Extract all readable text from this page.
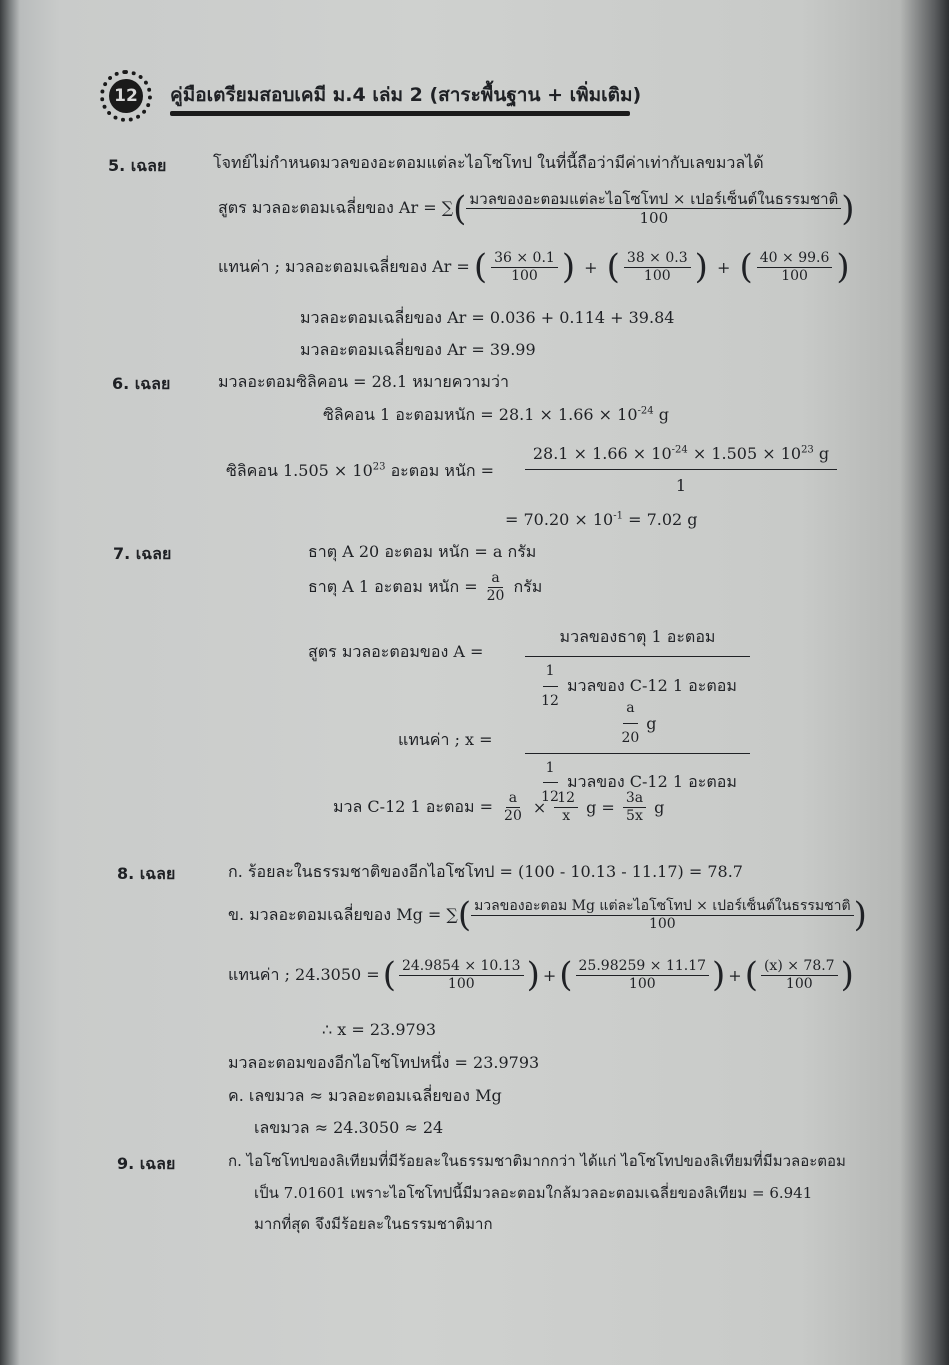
12 คู่มือเตรียมสอบเคมี ม.4 เล่ม 2 (สาระพื้นฐาน + เพิ่มเติม)
5. เฉลย	โจทย์ไม่กำหนดมวลของอะตอมแต่ละไอโซโทป ในที่นี้ถือว่ามีค่าเท่ากับเลขมวลได้
สูตร มวลอะตอมเฉลี่ยของ Ar = ∑ ( $\frac{\text{มวลของอะตอมแต่ละไอโซโทป × เปอร์เซ็นต์ในธรรมชาติ}}{100}$ )
แทนค่า ; มวลอะตอมเฉลี่ยของ Ar = ( $\frac{36 \times 0.1}{100}$ ) + ( $\frac{38 \times 0.3}{100}$ ) + ( $\frac{40 \times 99.6}{100}$ )
มวลอะตอมเฉลี่ยของ Ar = 0.036 + 0.114 + 39.84
มวลอะตอมเฉลี่ยของ Ar = 39.99
6. เฉลย	มวลอะตอมซิลิคอน = 28.1 หมายความว่า
ซิลิคอน 1 อะตอมหนัก = $28.1 \times 1.66 \times 10^{-24}$ g
ซิลิคอน $1.505 \times 10^{23}$ อะตอม หนัก = $\frac{28.1 \times 1.66 \times 10^{-24} \times 1.505 \times 10^{23} g}{1}$
= $70.20 \times 10^{-1} = 7.02$ g
7. เฉลย	ธาตุ A 20 อะตอม หนัก = a กรัม
ธาตุ A 1 อะตอม หนัก = $\frac{a}{20}$ กรัม
สูตร มวลอะตอมของ A =
มวลของธาตุ 1 อะตอม
$\frac{1}{12}$ มวลของ C-12 1 อะตอม
แทนค่า ; x =	$\frac{a}{20}$ g
$\frac{1}{12}$ มวลของ C-12 1 อะตอม
มวล C-12 1 อะตอม = $\frac{a}{20} \times \frac{12}{x}$ $g = \frac{3a}{5x}$ g
8. เฉลย	ก. ร้อยละในธรรมชาติของอีกไอโซโทป = (100 - 10.13 - 11.17) = 78.7
ข. มวลอะตอมเฉลี่ยของ Mg = ∑ ( $\frac{\text{มวลของอะตอม Mg แต่ละไอโซโทป × เปอร์เซ็นต์ในธรรมชาติ}}{100}$ )
แทนค่า ; 24.3050 = ( $\frac{24.9854 \times 10.13}{100}$ ) + ( $\frac{25.98259 \times 11.17}{100}$ ) + ( $\frac{(x) \times 78.7}{100}$ )
∴ x = 23.9793
มวลอะตอมของอีกไอโซโทปหนึ่ง = 23.9793
ค. เลขมวล ≈ มวลอะตอมเฉลี่ยของ Mg
เลขมวล ≈ 24.3050 ≈ 24
9. เฉลย	ก. ไอโซโทปของลิเทียมที่มีร้อยละในธรรมชาติมากกว่า ได้แก่ ไอโซโทปของลิเทียมที่มีมวลอะตอม
เป็น 7.01601 เพราะไอโซโทปนี้มีมวลอะตอมใกล้มวลอะตอมเฉลี่ยของลิเทียม = 6.941
มากที่สุด จึงมีร้อยละในธรรมชาติมาก
